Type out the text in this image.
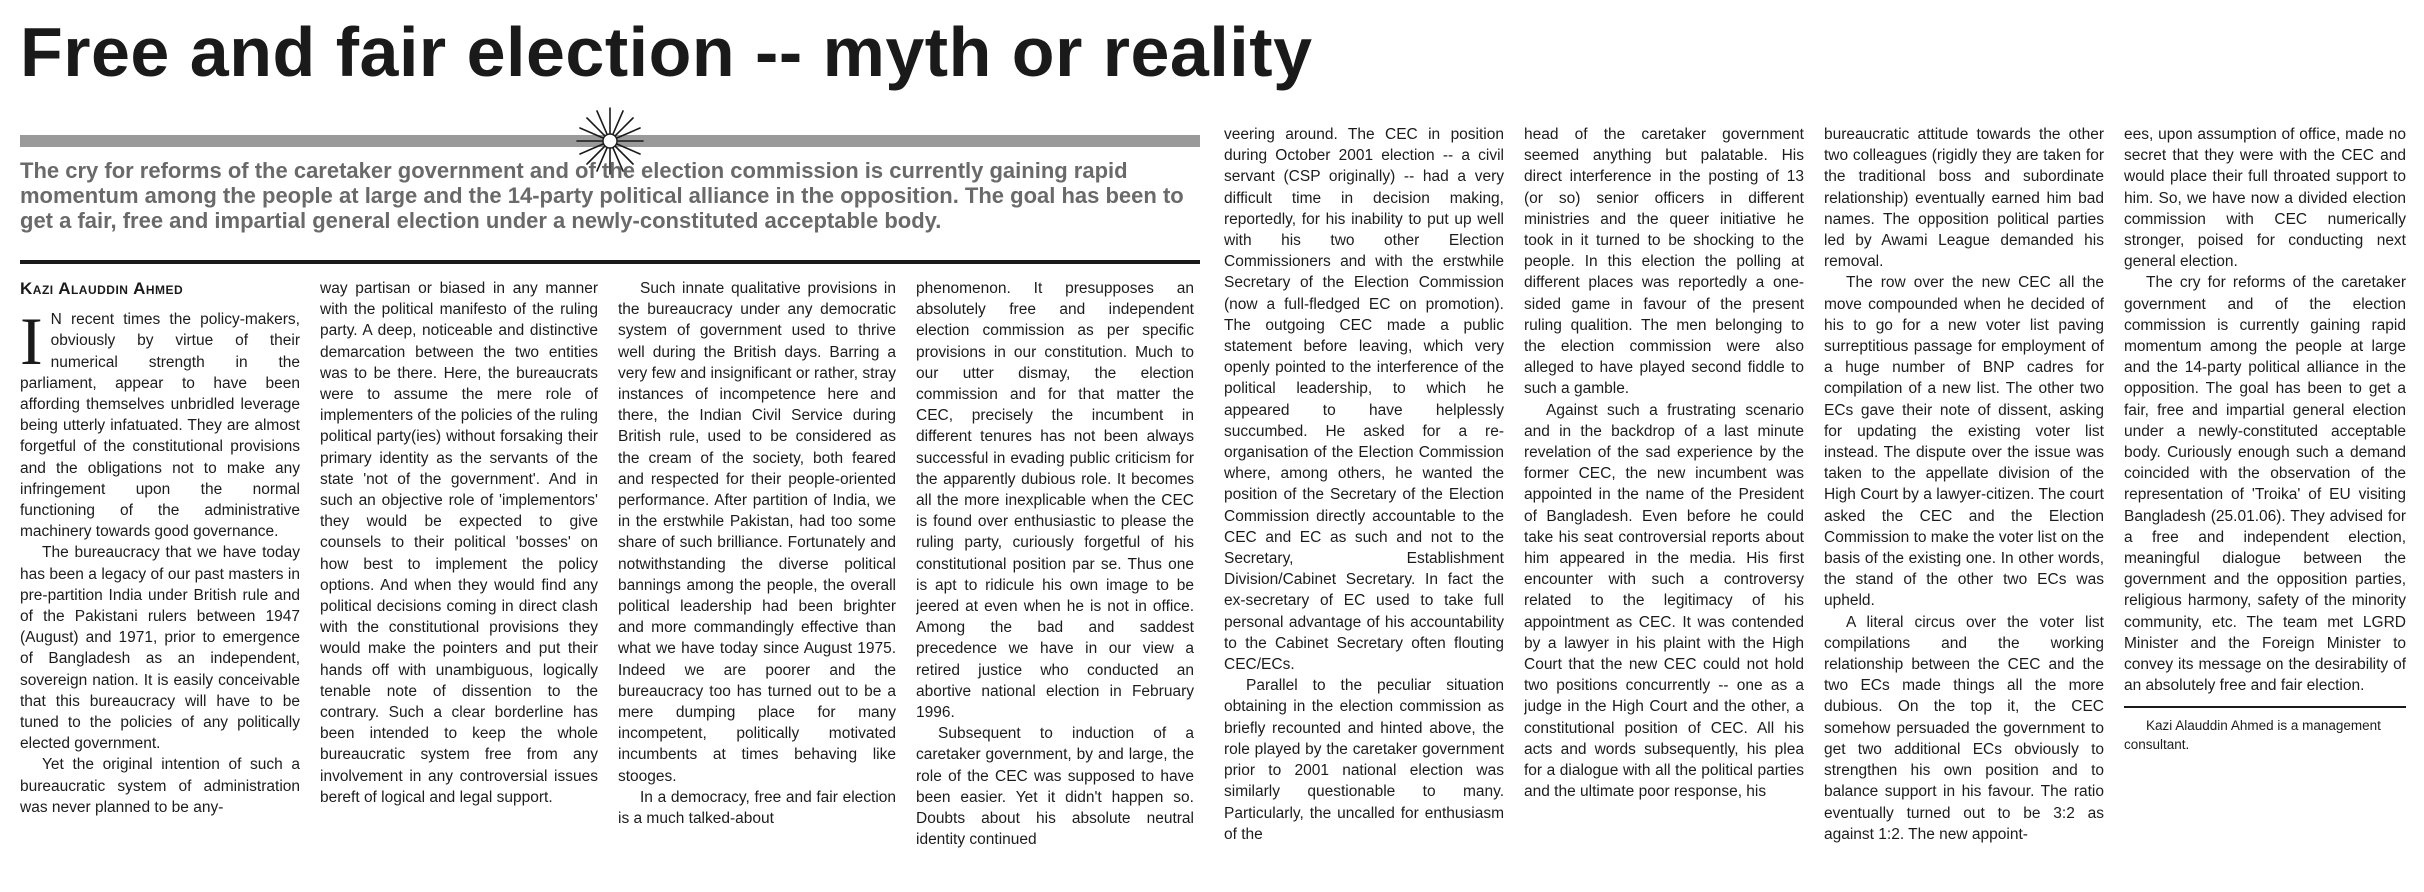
Free and fair election -- myth or reality

The cry for reforms of the caretaker government and of the election commission is currently gaining rapid momentum among the people at large and the 14-party political alliance in the opposition. The goal has been to get a fair, free and impartial general election under a newly-constituted acceptable body.

Kazi Alauddin Ahmed

I N recent times the policy-makers, obviously by virtue of their numerical strength in the parliament, appear to have been affording themselves unbridled leverage being utterly infatuated. They are almost forgetful of the constitutional provisions and the obligations not to make any infringement upon the normal functioning of the administrative machinery towards good governance.

The bureaucracy that we have today has been a legacy of our past masters in pre-partition India under British rule and of the Pakistani rulers between 1947 (August) and 1971, prior to emergence of Bangladesh as an independent, sovereign nation. It is easily conceivable that this bureaucracy will have to be tuned to the policies of any politically elected government.

Yet the original intention of such a bureaucratic system of administration was never planned to be any-

way partisan or biased in any manner with the political manifesto of the ruling party. A deep, noticeable and distinctive demarcation between the two entities was to be there. Here, the bureaucrats were to assume the mere role of implementers of the policies of the ruling political party(ies) without forsaking their primary identity as the servants of the state 'not of the government'. And in such an objective role of 'implementors' they would be expected to give counsels to their political 'bosses' on how best to implement the policy options. And when they would find any political decisions coming in direct clash with the constitutional provisions they would make the pointers and put their hands off with unambiguous, logically tenable note of dissention to the contrary. Such a clear borderline has been intended to keep the whole bureaucratic system free from any involvement in any controversial issues bereft of logical and legal support.

Such innate qualitative provisions in the bureaucracy under any democratic system of government used to thrive well during the British days. Barring a very few and insignificant or rather, stray instances of incompetence here and there, the Indian Civil Service during British rule, used to be considered as the cream of the society, both feared and respected for their people-oriented performance. After partition of India, we in the erstwhile Pakistan, had too some share of such brilliance. Fortunately and notwithstanding the diverse political bannings among the people, the overall political leadership had been brighter and more commandingly effective than what we have today since August 1975. Indeed we are poorer and the bureaucracy too has turned out to be a mere dumping place for many incompetent, politically motivated incumbents at times behaving like stooges.

In a democracy, free and fair election is a much talked-about

phenomenon. It presupposes an absolutely free and independent election commission as per specific provisions in our constitution. Much to our utter dismay, the election commission and for that matter the CEC, precisely the incumbent in different tenures has not been always successful in evading public criticism for the apparently dubious role. It becomes all the more inexplicable when the CEC is found over enthusiastic to please the ruling party, curiously forgetful of his constitutional position par se. Thus one is apt to ridicule his own image to be jeered at even when he is not in office. Among the bad and saddest precedence we have in our view a retired justice who conducted an abortive national election in February 1996.

Subsequent to induction of a caretaker government, by and large, the role of the CEC was supposed to have been easier. Yet it didn't happen so. Doubts about his absolute neutral identity continued

veering around. The CEC in position during October 2001 election -- a civil servant (CSP originally) -- had a very difficult time in decision making, reportedly, for his inability to put up well with his two other Election Commissioners and with the erstwhile Secretary of the Election Commission (now a full-fledged EC on promotion). The outgoing CEC made a public statement before leaving, which very openly pointed to the interference of the political leadership, to which he appeared to have helplessly succumbed. He asked for a re-organisation of the Election Commission where, among others, he wanted the position of the Secretary of the Election Commission directly accountable to the CEC and EC as such and not to the Secretary, Establishment Division/Cabinet Secretary. In fact the ex-secretary of EC used to take full personal advantage of his accountability to the Cabinet Secretary often flouting CEC/ECs.

Parallel to the peculiar situation obtaining in the election commission as briefly recounted and hinted above, the role played by the caretaker government prior to 2001 national election was similarly questionable to many. Particularly, the uncalled for enthusiasm of the

head of the caretaker government seemed anything but palatable. His direct interference in the posting of 13 (or so) senior officers in different ministries and the queer initiative he took in it turned to be shocking to the people. In this election the polling at different places was reportedly a one-sided game in favour of the present ruling qualition. The men belonging to the election commission were also alleged to have played second fiddle to such a gamble.

Against such a frustrating scenario and in the backdrop of a last minute revelation of the sad experience by the former CEC, the new incumbent was appointed in the name of the President of Bangladesh. Even before he could take his seat controversial reports about him appeared in the media. His first encounter with such a controversy related to the legitimacy of his appointment as CEC. It was contended by a lawyer in his plaint with the High Court that the new CEC could not hold two positions concurrently -- one as a judge in the High Court and the other, a constitutional position of CEC. All his acts and words subsequently, his plea for a dialogue with all the political parties and the ultimate poor response, his

bureaucratic attitude towards the other two colleagues (rigidly they are taken for the traditional boss and subordinate relationship) eventually earned him bad names. The opposition political parties led by Awami League demanded his removal.

The row over the new CEC all the move compounded when he decided of his to go for a new voter list paving surreptitious passage for employment of a huge number of BNP cadres for compilation of a new list. The other two ECs gave their note of dissent, asking for updating the existing voter list instead. The dispute over the issue was taken to the appellate division of the High Court by a lawyer-citizen. The court asked the CEC and the Election Commission to make the voter list on the basis of the existing one. In other words, the stand of the other two ECs was upheld.

A literal circus over the voter list compilations and the working relationship between the CEC and the two ECs made things all the more dubious. On the top it, the CEC somehow persuaded the government to get two additional ECs obviously to strengthen his own position and to balance support in his favour. The ratio eventually turned out to be 3:2 as against 1:2. The new appoint-

ees, upon assumption of office, made no secret that they were with the CEC and would place their full throated support to him. So, we have now a divided election commission with CEC numerically stronger, poised for conducting next general election.

The cry for reforms of the caretaker government and of the election commission is currently gaining rapid momentum among the people at large and the 14-party political alliance in the opposition. The goal has been to get a fair, free and impartial general election under a newly-constituted acceptable body. Curiously enough such a demand coincided with the observation of the representation of 'Troika' of EU visiting Bangladesh (25.01.06). They advised for a free and independent election, meaningful dialogue between the government and the opposition parties, religious harmony, safety of the minority community, etc. The team met LGRD Minister and the Foreign Minister to convey its message on the desirability of an absolutely free and fair election.

Kazi Alauddin Ahmed is a management consultant.
